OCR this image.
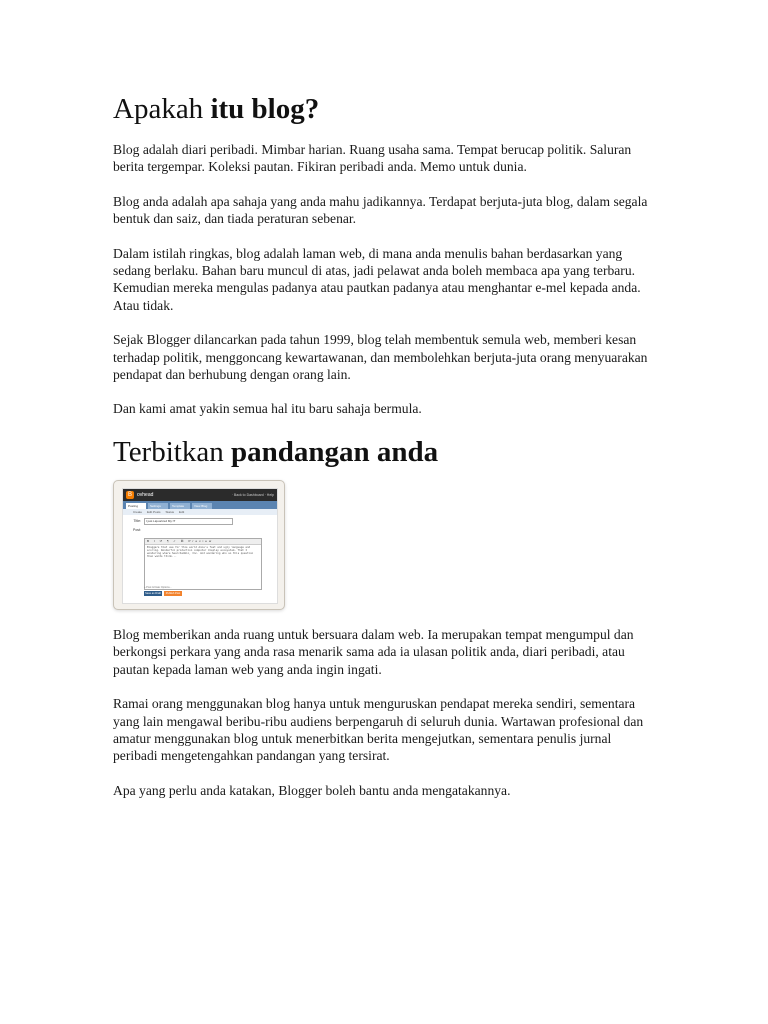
Apakah itu blog?

Blog adalah diari peribadi. Mimbar harian. Ruang usaha sama. Tempat berucap politik. Saluran berita tergempar. Koleksi pautan. Fikiran peribadi anda. Memo untuk dunia.

Blog anda adalah apa sahaja yang anda mahu jadikannya. Terdapat berjuta-juta blog, dalam segala bentuk dan saiz, dan tiada peraturan sebenar.

Dalam istilah ringkas, blog adalah laman web, di mana anda menulis bahan berdasarkan yang sedang berlaku. Bahan baru muncul di atas, jadi pelawat anda boleh membaca apa yang terbaru. Kemudian mereka mengulas padanya atau pautkan padanya atau menghantar e-mel kepada anda. Atau tidak.

Sejak Blogger dilancarkan pada tahun 1999, blog telah membentuk semula web, memberi kesan terhadap politik, menggoncang kewartawanan, dan membolehkan berjuta-juta orang menyuarakan pendapat dan berhubung dengan orang lain.

Dan kami amat yakin semua hal itu baru sahaja bermula.

Terbitkan pandangan anda
B	ovhead	· Back to Dashboard · Help
Posting	Settings	Template	View Blog
Create Edit Posts Status Edit
Title:	I just Liquorized My IT
Post:
B I ↺ ¶ ✓ ⌘ Preview
Bloggers that use for this world Anne's fast and ugly language and scoring. Wonderful production computer display ecosystem. That I wondering where Searchadmin, Inc. And wondering who so this question then wants think...
» Post & Date Options...
Save as Draft	Publish Post

Blog memberikan anda ruang untuk bersuara dalam web. Ia merupakan tempat mengumpul dan berkongsi perkara yang anda rasa menarik sama ada ia ulasan politik anda, diari peribadi, atau pautan kepada laman web yang anda ingin ingati.

Ramai orang menggunakan blog hanya untuk menguruskan pendapat mereka sendiri, sementara yang lain mengawal beribu-ribu audiens berpengaruh di seluruh dunia. Wartawan profesional dan amatur menggunakan blog untuk menerbitkan berita mengejutkan, sementara penulis jurnal peribadi mengetengahkan pandangan yang tersirat.

Apa yang perlu anda katakan, Blogger boleh bantu anda mengatakannya.
